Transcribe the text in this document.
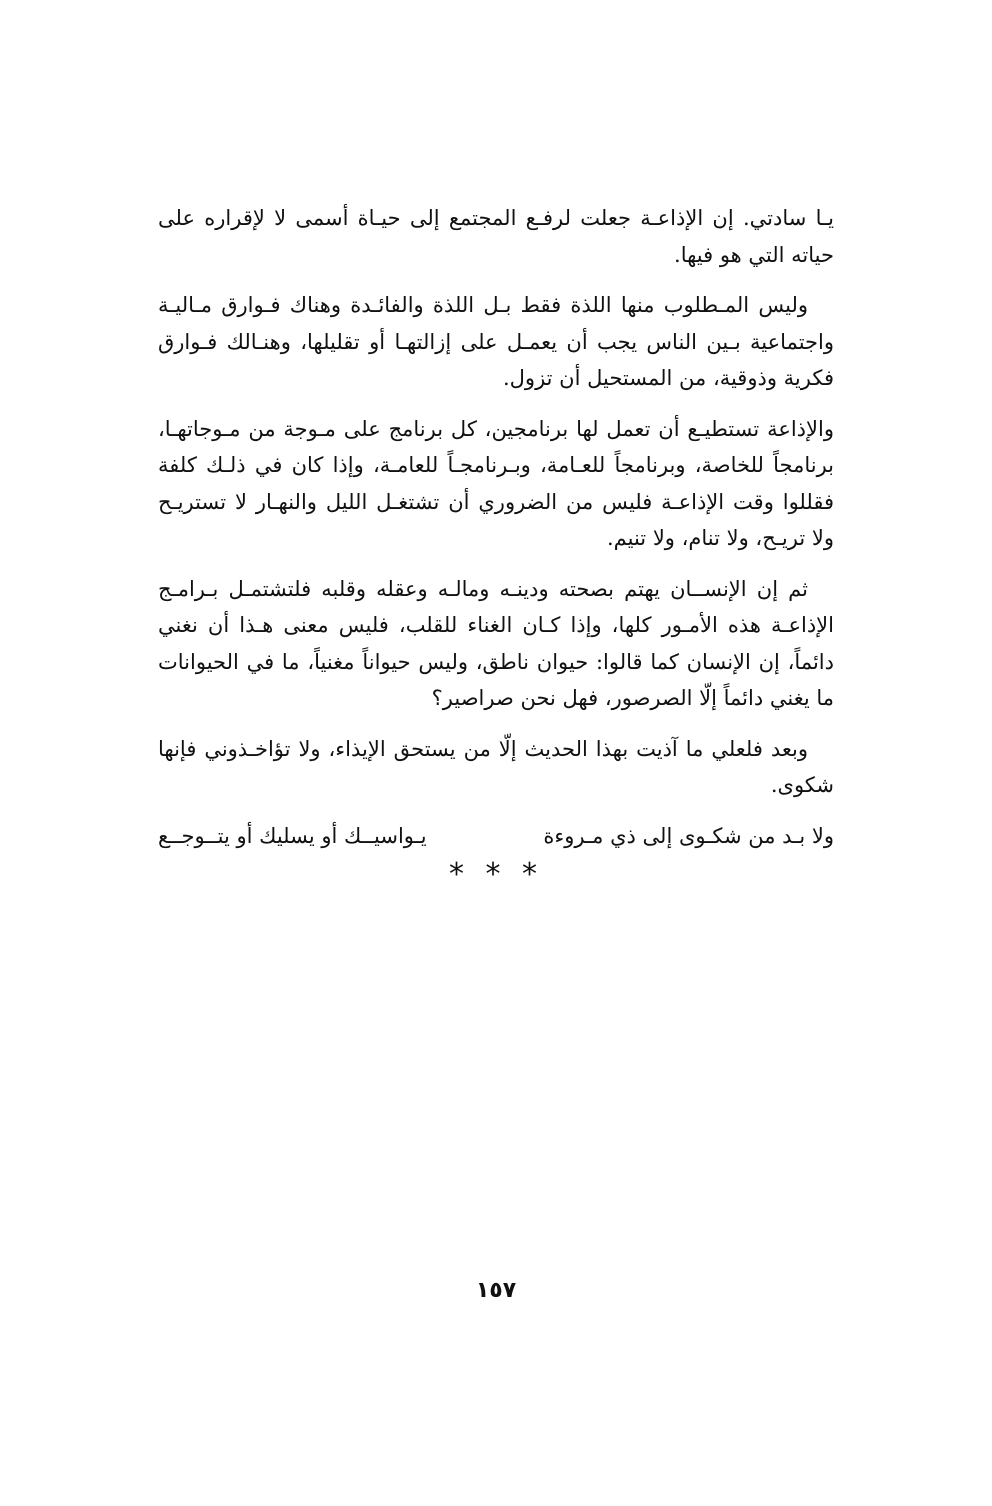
يـا سادتي. إن الإذاعـة جعلت لرفـع المجتمع إلى حيـاة أسمى لا لإقراره على حياته التي هو فيها.

وليس المـطلوب منها اللذة فقط بـل اللذة والفائـدة وهناك فـوارق مـاليـة واجتماعية بـين الناس يجب أن يعمـل على إزالتهـا أو تقليلها، وهنـالك فـوارق فكرية وذوقية، من المستحيل أن تزول.

والإذاعة تستطيـع أن تعمل لها برنامجين، كل برنامج على مـوجة من مـوجاتهـا، برنامجاً للخاصة، وبرنامجاً للعـامة، وبـرنامجـاً للعامـة، وإذا كان في ذلـك كلفة فقللوا وقت الإذاعـة فليس من الضروري أن تشتغـل الليل والنهـار لا تستريـح ولا تريـح، ولا تنام، ولا تنيم.

ثم إن الإنســان يهتم بصحته ودينـه ومالـه وعقله وقلبه فلتشتمـل بـرامـج الإذاعـة هذه الأمـور كلها، وإذا كـان الغناء للقلب، فليس معنى هـذا أن نغني دائماً، إن الإنسان كما قالوا: حيوان ناطق، وليس حيواناً مغنياً، ما في الحيوانات ما يغني دائماً إلّا الصرصور، فهل نحن صراصير؟

وبعد فلعلي ما آذيت بهذا الحديث إلّا من يستحق الإيذاء، ولا تؤاخـذوني فإنها شكوى.

ولا بـد من شكـوى إلى ذي مـروءة
يـواسيــك أو يسليك أو يتــوجــع
* * *
١٥٧
